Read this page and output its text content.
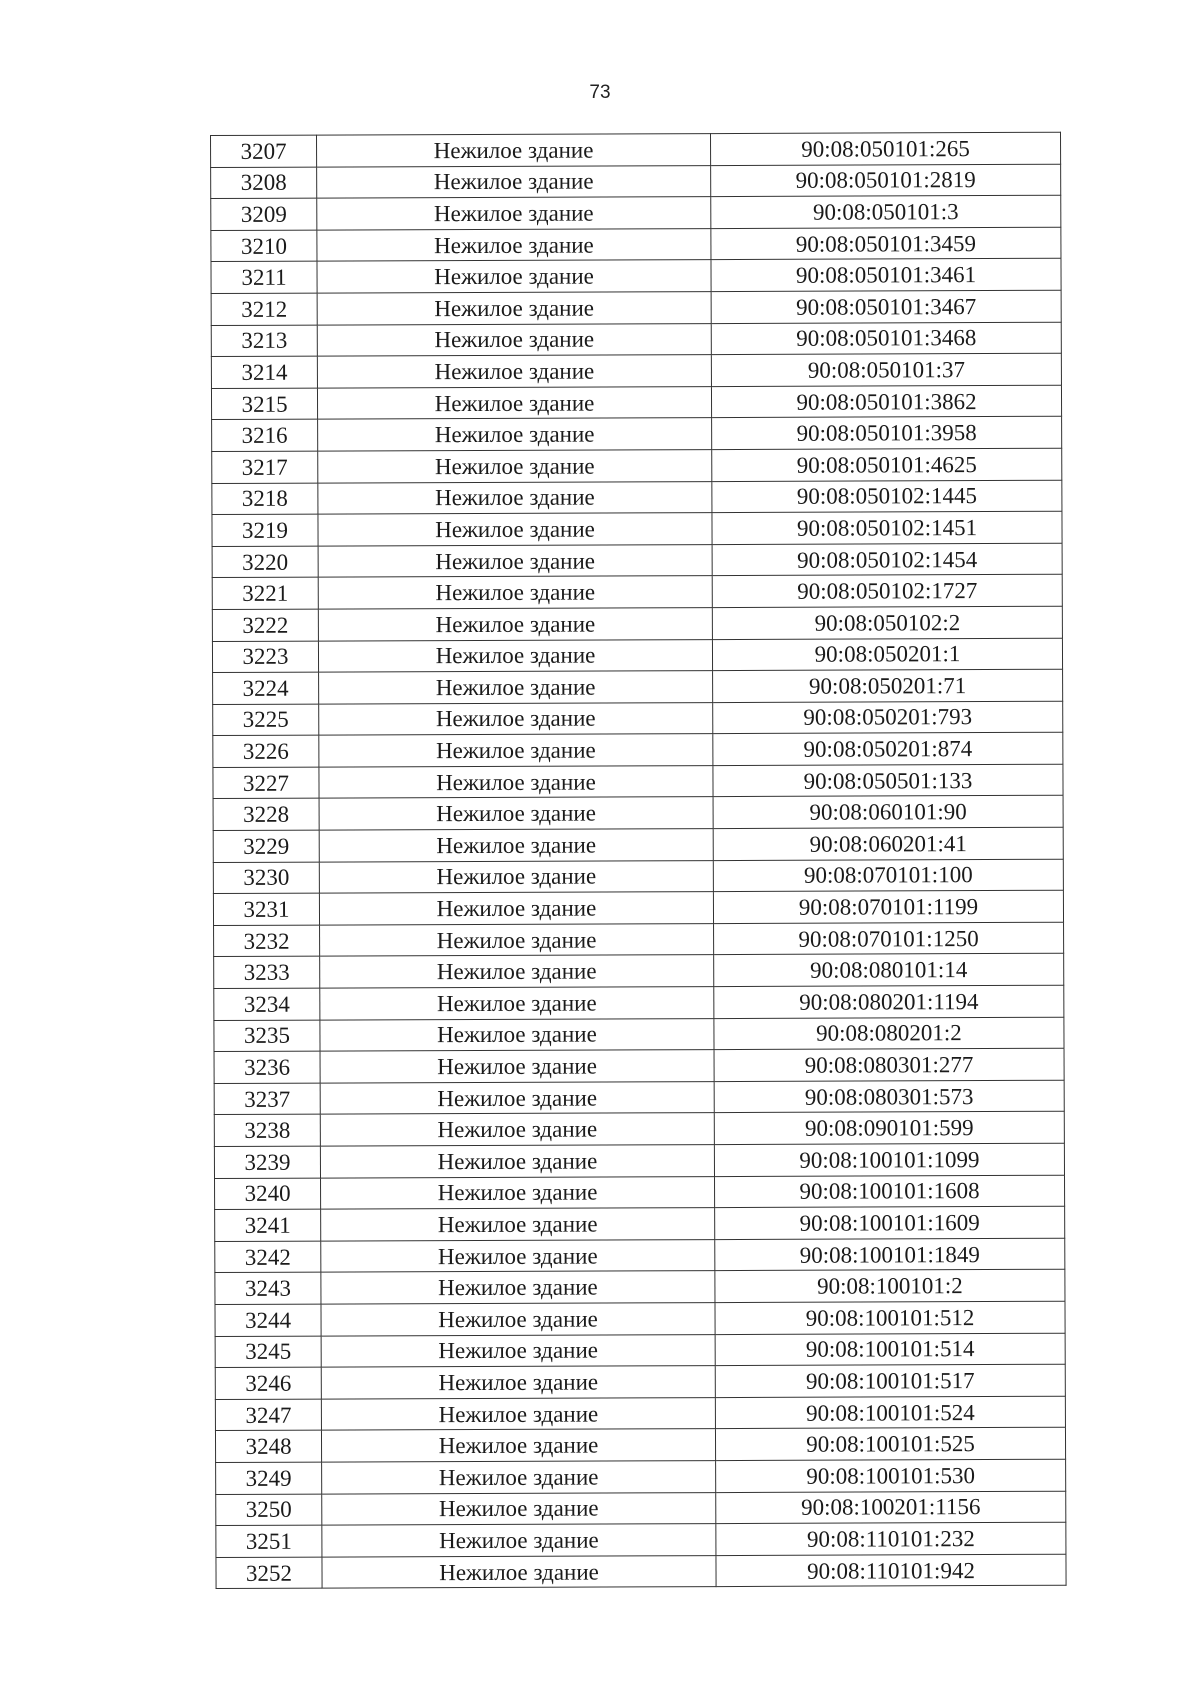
73
3207	Нежилое здание	90:08:050101:265
3208	Нежилое здание	90:08:050101:2819
3209	Нежилое здание	90:08:050101:3
3210	Нежилое здание	90:08:050101:3459
3211	Нежилое здание	90:08:050101:3461
3212	Нежилое здание	90:08:050101:3467
3213	Нежилое здание	90:08:050101:3468
3214	Нежилое здание	90:08:050101:37
3215	Нежилое здание	90:08:050101:3862
3216	Нежилое здание	90:08:050101:3958
3217	Нежилое здание	90:08:050101:4625
3218	Нежилое здание	90:08:050102:1445
3219	Нежилое здание	90:08:050102:1451
3220	Нежилое здание	90:08:050102:1454
3221	Нежилое здание	90:08:050102:1727
3222	Нежилое здание	90:08:050102:2
3223	Нежилое здание	90:08:050201:1
3224	Нежилое здание	90:08:050201:71
3225	Нежилое здание	90:08:050201:793
3226	Нежилое здание	90:08:050201:874
3227	Нежилое здание	90:08:050501:133
3228	Нежилое здание	90:08:060101:90
3229	Нежилое здание	90:08:060201:41
3230	Нежилое здание	90:08:070101:100
3231	Нежилое здание	90:08:070101:1199
3232	Нежилое здание	90:08:070101:1250
3233	Нежилое здание	90:08:080101:14
3234	Нежилое здание	90:08:080201:1194
3235	Нежилое здание	90:08:080201:2
3236	Нежилое здание	90:08:080301:277
3237	Нежилое здание	90:08:080301:573
3238	Нежилое здание	90:08:090101:599
3239	Нежилое здание	90:08:100101:1099
3240	Нежилое здание	90:08:100101:1608
3241	Нежилое здание	90:08:100101:1609
3242	Нежилое здание	90:08:100101:1849
3243	Нежилое здание	90:08:100101:2
3244	Нежилое здание	90:08:100101:512
3245	Нежилое здание	90:08:100101:514
3246	Нежилое здание	90:08:100101:517
3247	Нежилое здание	90:08:100101:524
3248	Нежилое здание	90:08:100101:525
3249	Нежилое здание	90:08:100101:530
3250	Нежилое здание	90:08:100201:1156
3251	Нежилое здание	90:08:110101:232
3252	Нежилое здание	90:08:110101:942
